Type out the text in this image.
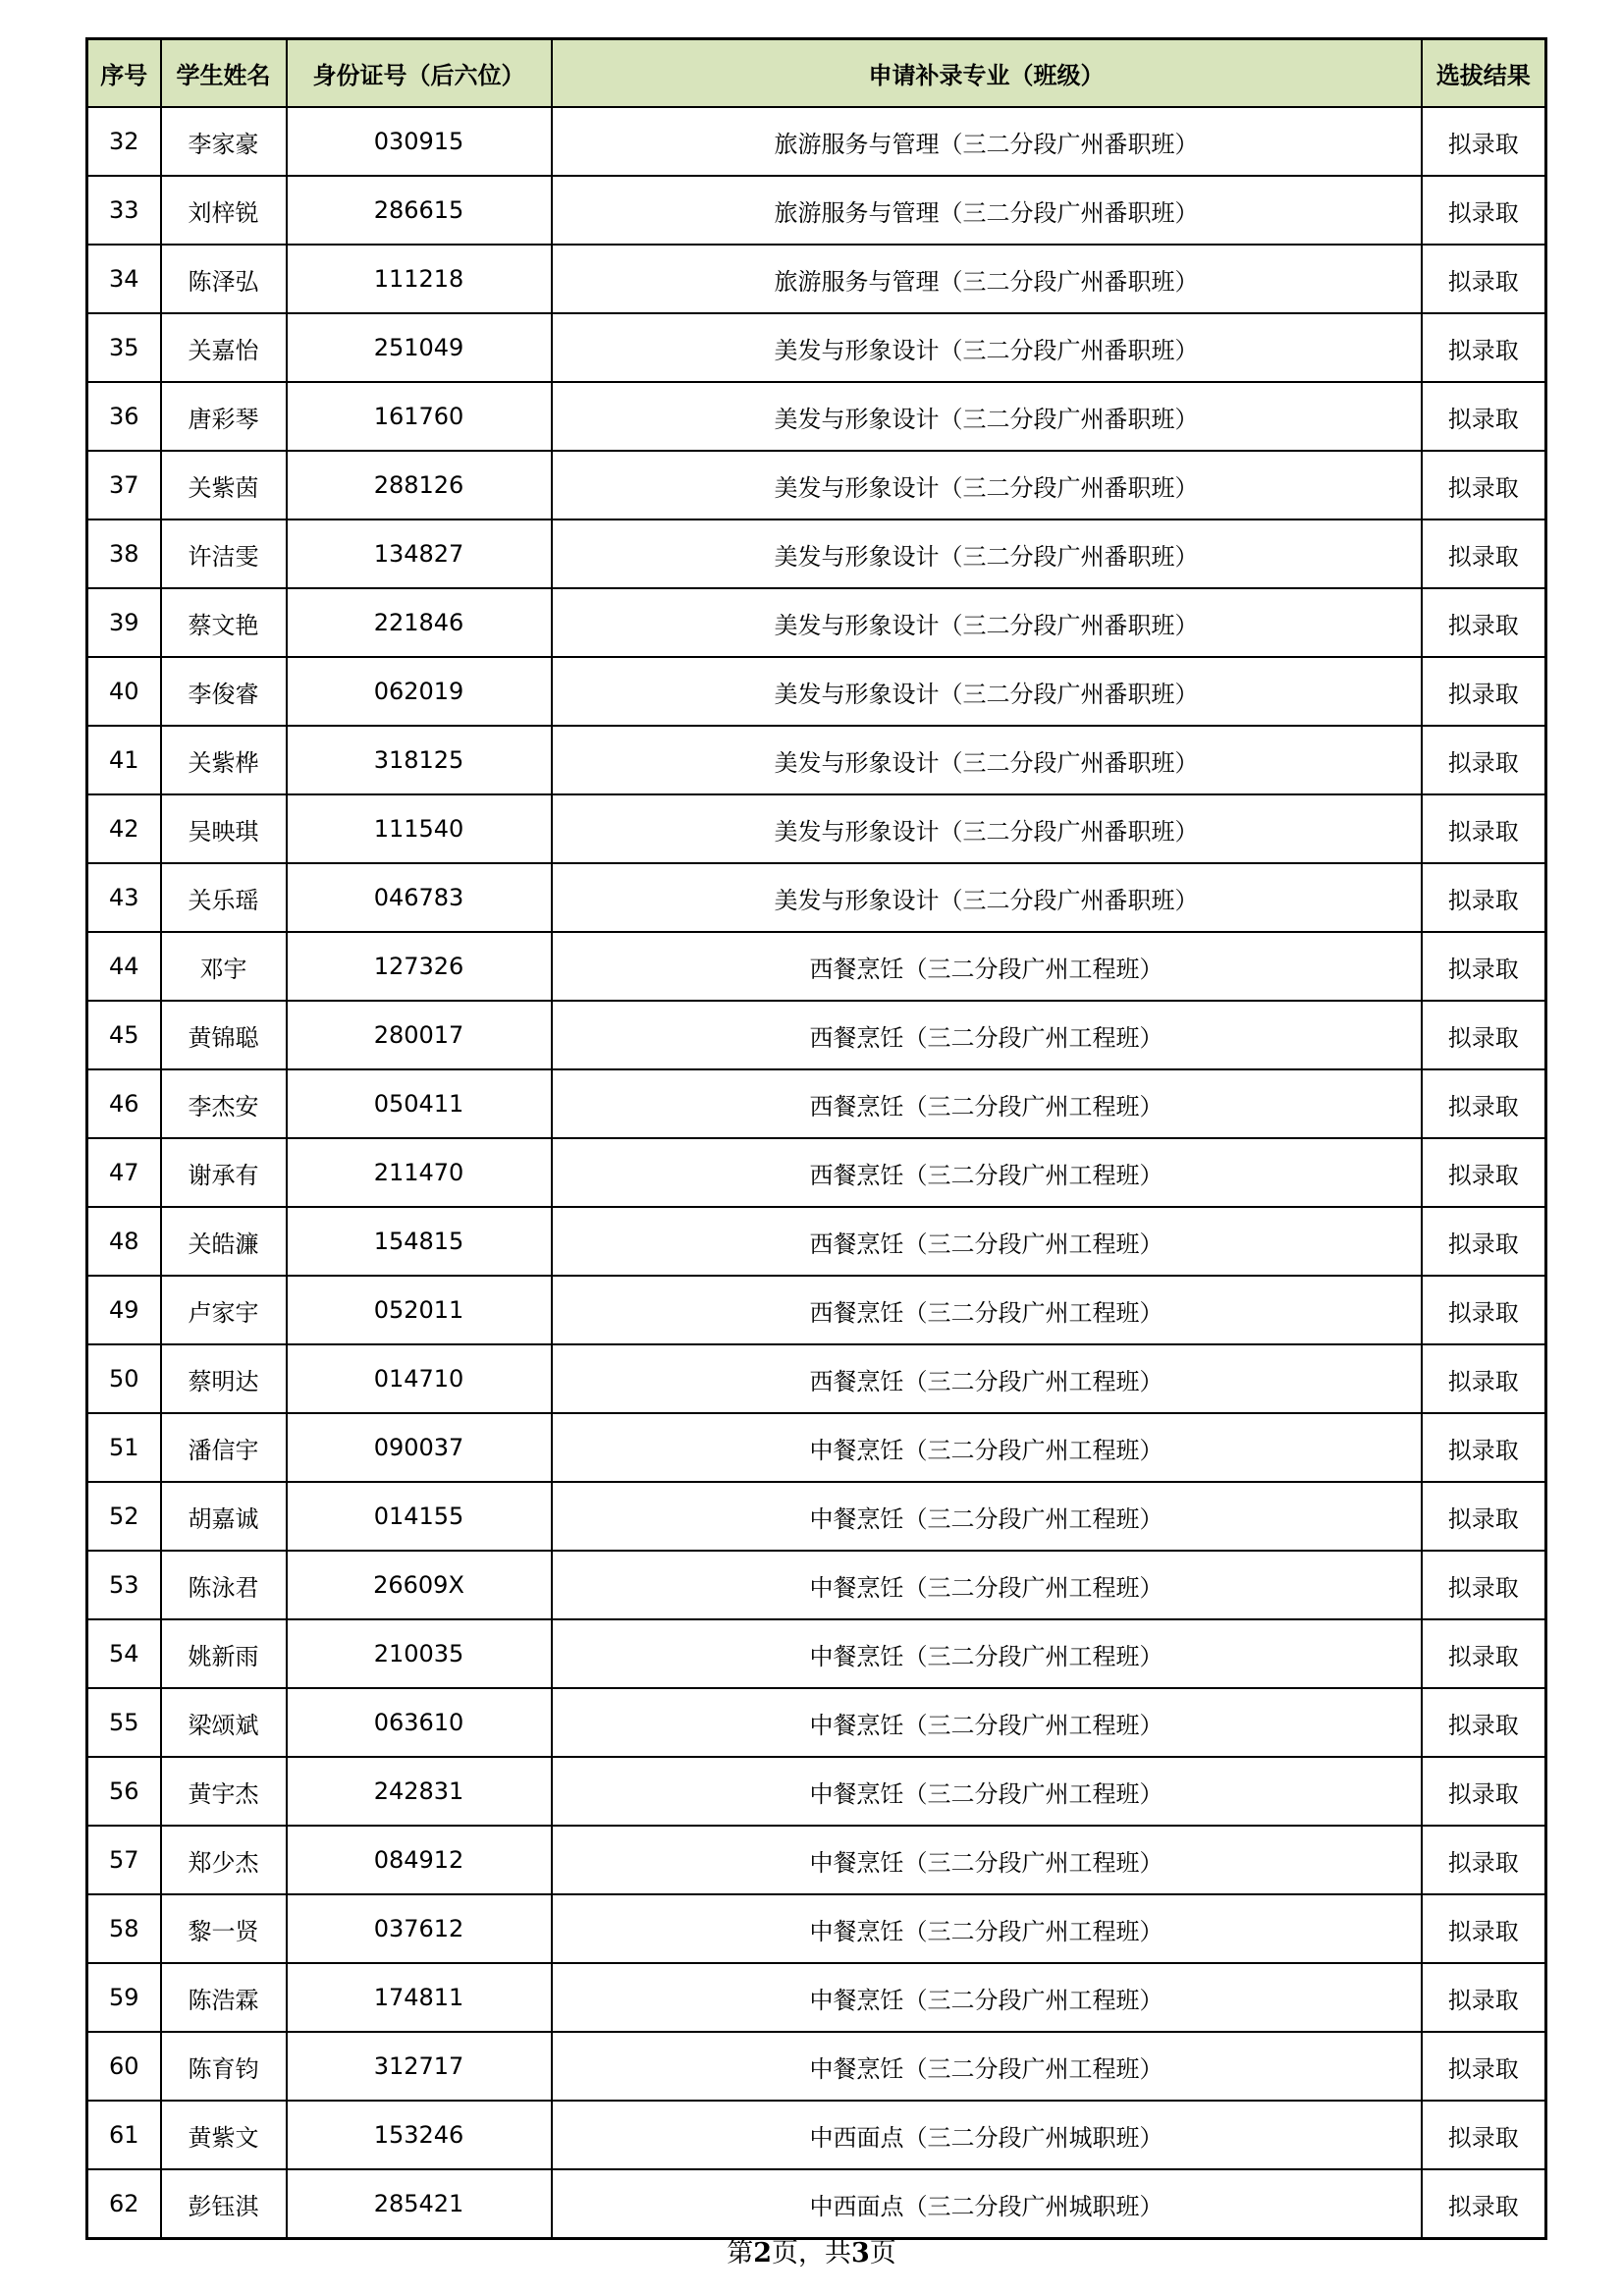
序号	学生姓名	身份证号（后六位）	申请补录专业（班级）	选拔结果
32	李家豪	030915	旅游服务与管理（三二分段广州番职班）	拟录取
33	刘梓锐	286615	旅游服务与管理（三二分段广州番职班）	拟录取
34	陈泽弘	111218	旅游服务与管理（三二分段广州番职班）	拟录取
35	关嘉怡	251049	美发与形象设计（三二分段广州番职班）	拟录取
36	唐彩琴	161760	美发与形象设计（三二分段广州番职班）	拟录取
37	关紫茵	288126	美发与形象设计（三二分段广州番职班）	拟录取
38	许洁雯	134827	美发与形象设计（三二分段广州番职班）	拟录取
39	蔡文艳	221846	美发与形象设计（三二分段广州番职班）	拟录取
40	李俊睿	062019	美发与形象设计（三二分段广州番职班）	拟录取
41	关紫桦	318125	美发与形象设计（三二分段广州番职班）	拟录取
42	吴映琪	111540	美发与形象设计（三二分段广州番职班）	拟录取
43	关乐瑶	046783	美发与形象设计（三二分段广州番职班）	拟录取
44	邓宇	127326	西餐烹饪（三二分段广州工程班）	拟录取
45	黄锦聪	280017	西餐烹饪（三二分段广州工程班）	拟录取
46	李杰安	050411	西餐烹饪（三二分段广州工程班）	拟录取
47	谢承有	211470	西餐烹饪（三二分段广州工程班）	拟录取
48	关皓濂	154815	西餐烹饪（三二分段广州工程班）	拟录取
49	卢家宇	052011	西餐烹饪（三二分段广州工程班）	拟录取
50	蔡明达	014710	西餐烹饪（三二分段广州工程班）	拟录取
51	潘信宇	090037	中餐烹饪（三二分段广州工程班）	拟录取
52	胡嘉诚	014155	中餐烹饪（三二分段广州工程班）	拟录取
53	陈泳君	26609X	中餐烹饪（三二分段广州工程班）	拟录取
54	姚新雨	210035	中餐烹饪（三二分段广州工程班）	拟录取
55	梁颂斌	063610	中餐烹饪（三二分段广州工程班）	拟录取
56	黄宇杰	242831	中餐烹饪（三二分段广州工程班）	拟录取
57	郑少杰	084912	中餐烹饪（三二分段广州工程班）	拟录取
58	黎一贤	037612	中餐烹饪（三二分段广州工程班）	拟录取
59	陈浩霖	174811	中餐烹饪（三二分段广州工程班）	拟录取
60	陈育钧	312717	中餐烹饪（三二分段广州工程班）	拟录取
61	黄紫文	153246	中西面点（三二分段广州城职班）	拟录取
62	彭钰淇	285421	中西面点（三二分段广州城职班）	拟录取
第2页，共3页
